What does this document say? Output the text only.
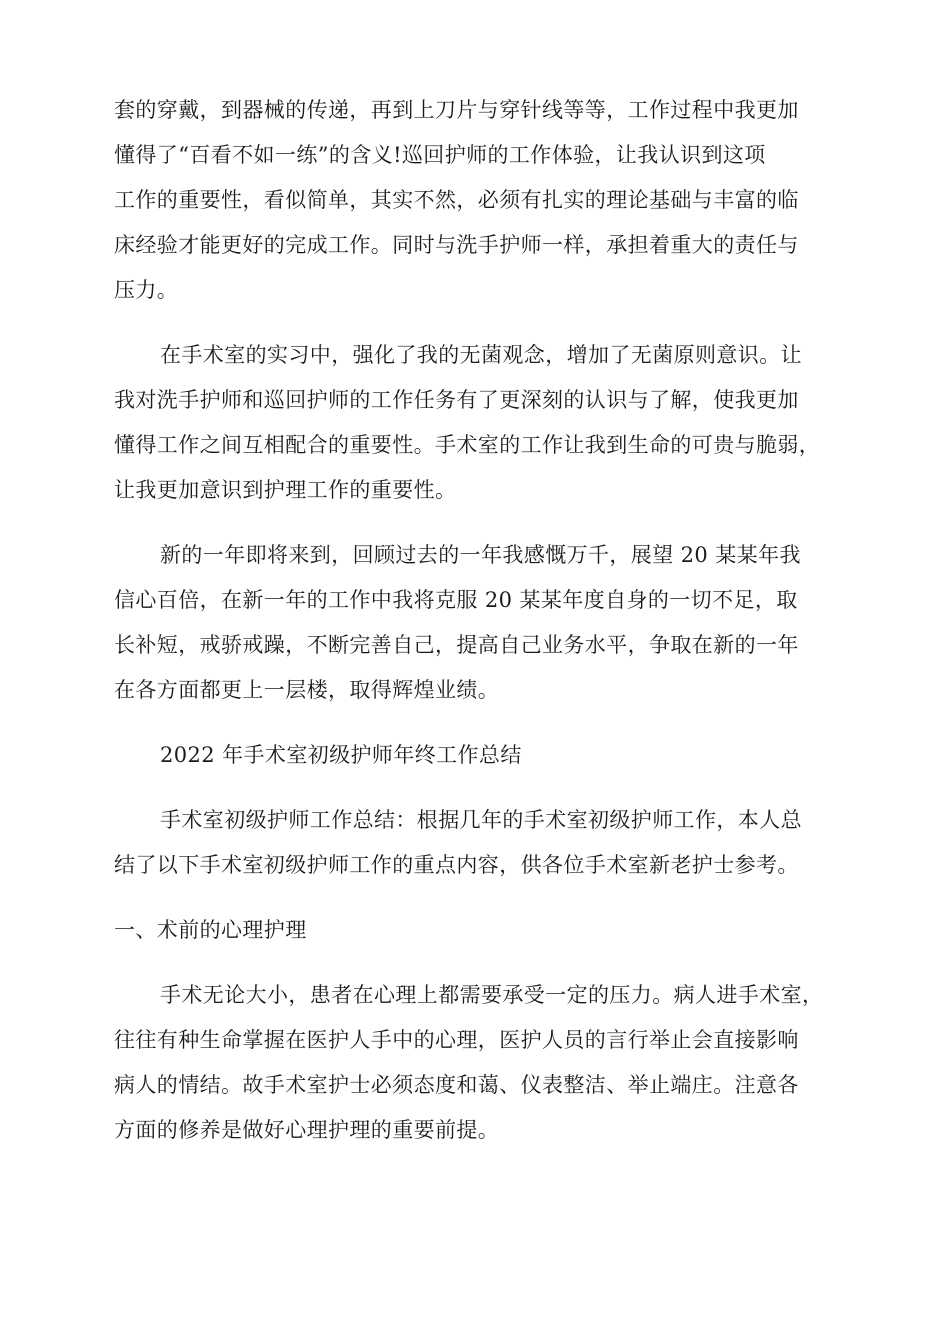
套的穿戴，到器械的传递，再到上刀片与穿针线等等，工作过程中我更加
懂得了“百看不如一练”的含义!巡回护师的工作体验，让我认识到这项
工作的重要性，看似简单，其实不然，必须有扎实的理论基础与丰富的临
床经验才能更好的完成工作。同时与洗手护师一样，承担着重大的责任与
压力。

在手术室的实习中，强化了我的无菌观念，增加了无菌原则意识。让
我对洗手护师和巡回护师的工作任务有了更深刻的认识与了解，使我更加
懂得工作之间互相配合的重要性。手术室的工作让我到生命的可贵与脆弱，
让我更加意识到护理工作的重要性。

新的一年即将来到，回顾过去的一年我感慨万千，展望 20 某某年我
信心百倍，在新一年的工作中我将克服 20 某某年度自身的一切不足，取
长补短，戒骄戒躁，不断完善自己，提高自己业务水平，争取在新的一年
在各方面都更上一层楼，取得辉煌业绩。

2022 年手术室初级护师年终工作总结

手术室初级护师工作总结：根据几年的手术室初级护师工作，本人总
结了以下手术室初级护师工作的重点内容，供各位手术室新老护士参考。

一、术前的心理护理

手术无论大小，患者在心理上都需要承受一定的压力。病人进手术室，
往往有种生命掌握在医护人手中的心理，医护人员的言行举止会直接影响
病人的情结。故手术室护士必须态度和蔼、仪表整洁、举止端庄。注意各
方面的修养是做好心理护理的重要前提。
